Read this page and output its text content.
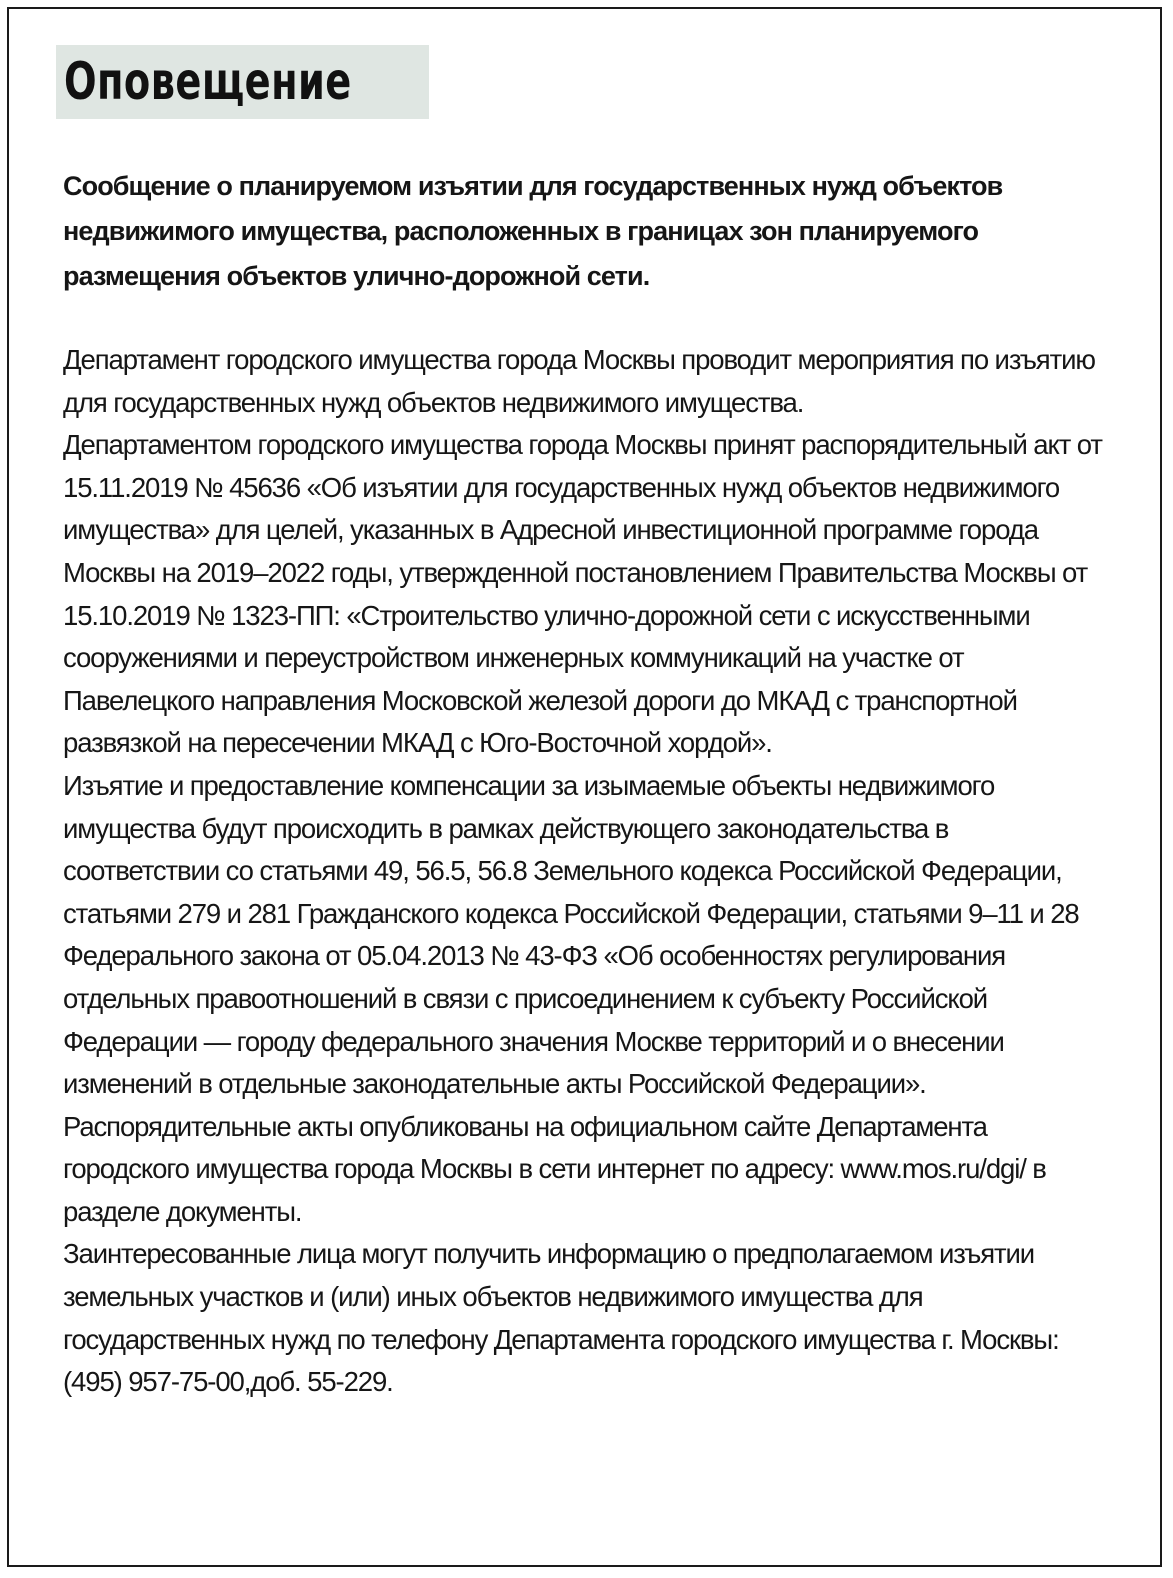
Оповещение

Сообщение о планируемом изъятии для государственных нужд объектов недвижимого имущества, расположенных в границах зон планируемого размещения объектов улично-дорожной сети.

Департамент городского имущества города Москвы проводит мероприятия по изъятию для государственных нужд объектов недвижимого имущества.

Департаментом городского имущества города Москвы принят распорядительный акт от 15.11.2019 № 45636 «Об изъятии для государственных нужд объектов недвижимого имущества» для целей, указанных в Адресной инвестиционной программе города Москвы на 2019–2022 годы, утвержденной постановлением Правительства Москвы от 15.10.2019 № 1323-ПП: «Строительство улично-дорожной сети с искусственными сооружениями и переустройством инженерных коммуникаций на участке от Павелецкого направления Московской железой дороги до МКАД с транспортной развязкой на пересечении МКАД с Юго-Восточной хордой».

Изъятие и предоставление компенсации за изымаемые объекты недвижимого имущества будут происходить в рамках действующего законодательства в соответствии со статьями 49, 56.5, 56.8 Земельного кодекса Российской Федерации, статьями 279 и 281 Гражданского кодекса Российской Федерации, статьями 9–11 и 28 Федерального закона от 05.04.2013 № 43-ФЗ «Об особенностях регулирования отдельных правоотношений в связи с присоединением к субъекту Российской Федерации — городу федерального значения Москве территорий и о внесении изменений в отдельные законодательные акты Российской Федерации».

Распорядительные акты опубликованы на официальном сайте Департамента городского имущества города Москвы в сети интернет по адресу: www.mos.ru/dgi/ в разделе документы.

Заинтересованные лица могут получить информацию о предполагаемом изъятии земельных участков и (или) иных объектов недвижимого имущества для государственных нужд по телефону Департамента городского имущества г. Москвы: (495) 957-75-00,доб. 55-229.
